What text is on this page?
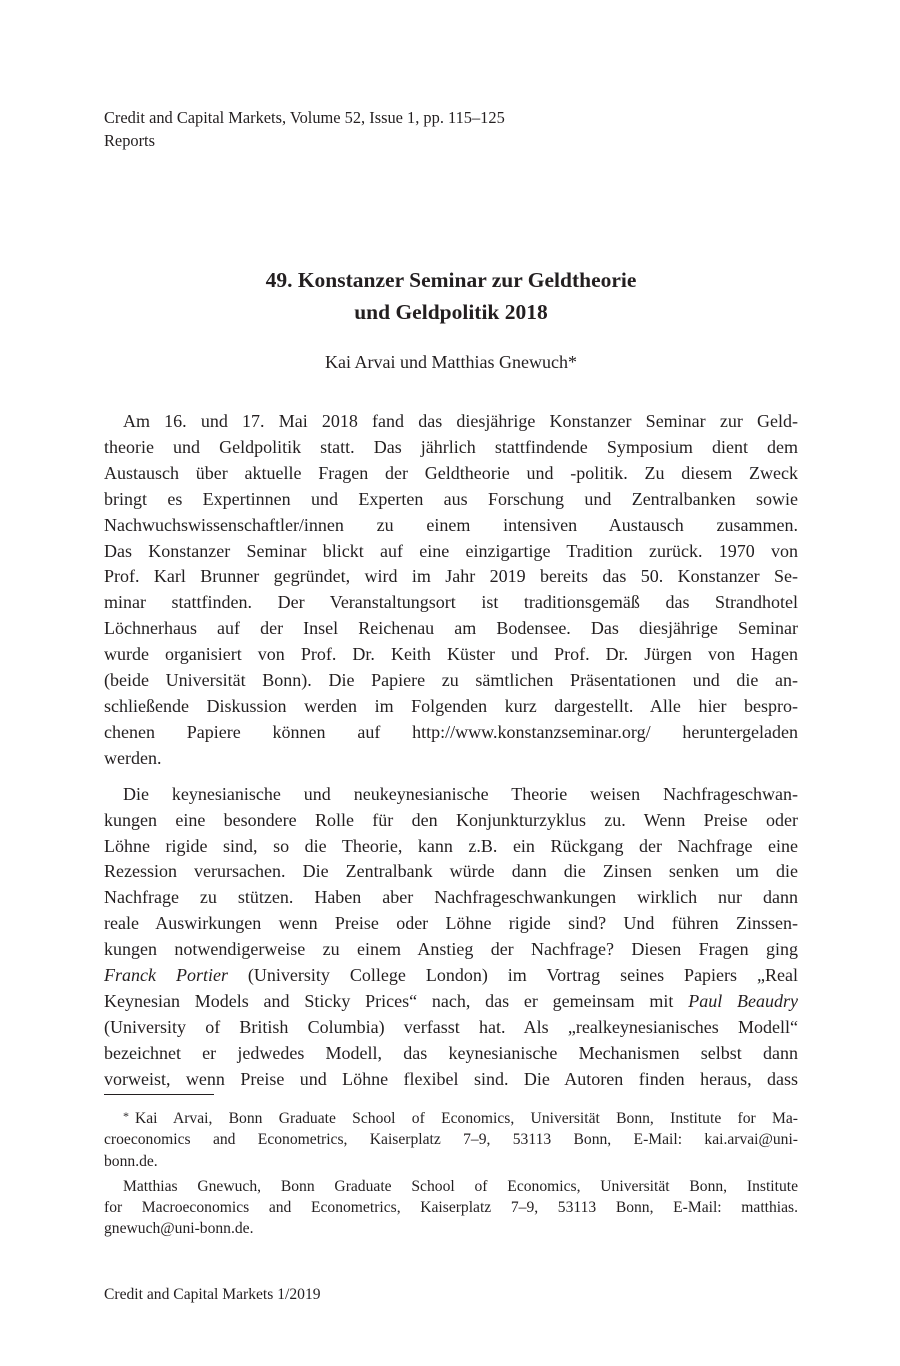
Credit and Capital Markets, Volume 52, Issue 1, pp. 115–125
Reports
49. Konstanzer Seminar zur Geldtheorie
und Geldpolitik 2018
Kai Arvai und Matthias Gnewuch*
Am 16. und 17. Mai 2018 fand das diesjährige Konstanzer Seminar zur Geld-
theorie und Geldpolitik statt. Das jährlich stattfindende Symposium dient dem
Austausch über aktuelle Fragen der Geldtheorie und -politik. Zu diesem Zweck
bringt es Expertinnen und Experten aus Forschung und Zentralbanken sowie
Nachwuchswissenschaftler/innen zu einem intensiven Austausch zusammen.
Das Konstanzer Seminar blickt auf eine einzigartige Tradition zurück. 1970 von
Prof. Karl Brunner gegründet, wird im Jahr 2019 bereits das 50. Konstanzer Se-
minar stattfinden. Der Veranstaltungsort ist traditionsgemäß das Strandhotel
Löchnerhaus auf der Insel Reichenau am Bodensee. Das diesjährige Seminar
wurde organisiert von Prof. Dr. Keith Küster und Prof. Dr. Jürgen von Hagen
(beide Universität Bonn). Die Papiere zu sämtlichen Präsentationen und die an-
schließende Diskussion werden im Folgenden kurz dargestellt. Alle hier bespro-
chenen Papiere können auf http://www.konstanzseminar.org/ heruntergeladen
werden.
Die keynesianische und neukeynesianische Theorie weisen Nachfrageschwan-
kungen eine besondere Rolle für den Konjunkturzyklus zu. Wenn Preise oder
Löhne rigide sind, so die Theorie, kann z.B. ein Rückgang der Nachfrage eine
Rezession verursachen. Die Zentralbank würde dann die Zinsen senken um die
Nachfrage zu stützen. Haben aber Nachfrageschwankungen wirklich nur dann
reale Auswirkungen wenn Preise oder Löhne rigide sind? Und führen Zinssen-
kungen notwendigerweise zu einem Anstieg der Nachfrage? Diesen Fragen ging
Franck Portier (University College London) im Vortrag seines Papiers „Real
Keynesian Models and Sticky Prices“ nach, das er gemeinsam mit Paul Beaudry
(University of British Columbia) verfasst hat. Als „realkeynesianisches Modell“
bezeichnet er jedwedes Modell, das keynesianische Mechanismen selbst dann
vorweist, wenn Preise und Löhne flexibel sind. Die Autoren finden heraus, dass
* Kai Arvai, Bonn Graduate School of Economics, Universität Bonn, Institute for Ma-
croeconomics and Econometrics, Kaiserplatz 7–9, 53113 Bonn, E-Mail: kai.arvai@uni-
bonn.de.
Matthias Gnewuch, Bonn Graduate School of Economics, Universität Bonn, Institute
for Macroeconomics and Econometrics, Kaiserplatz 7–9, 53113 Bonn, E-Mail: matthias.
gnewuch@uni-bonn.de.
Credit and Capital Markets 1/2019
